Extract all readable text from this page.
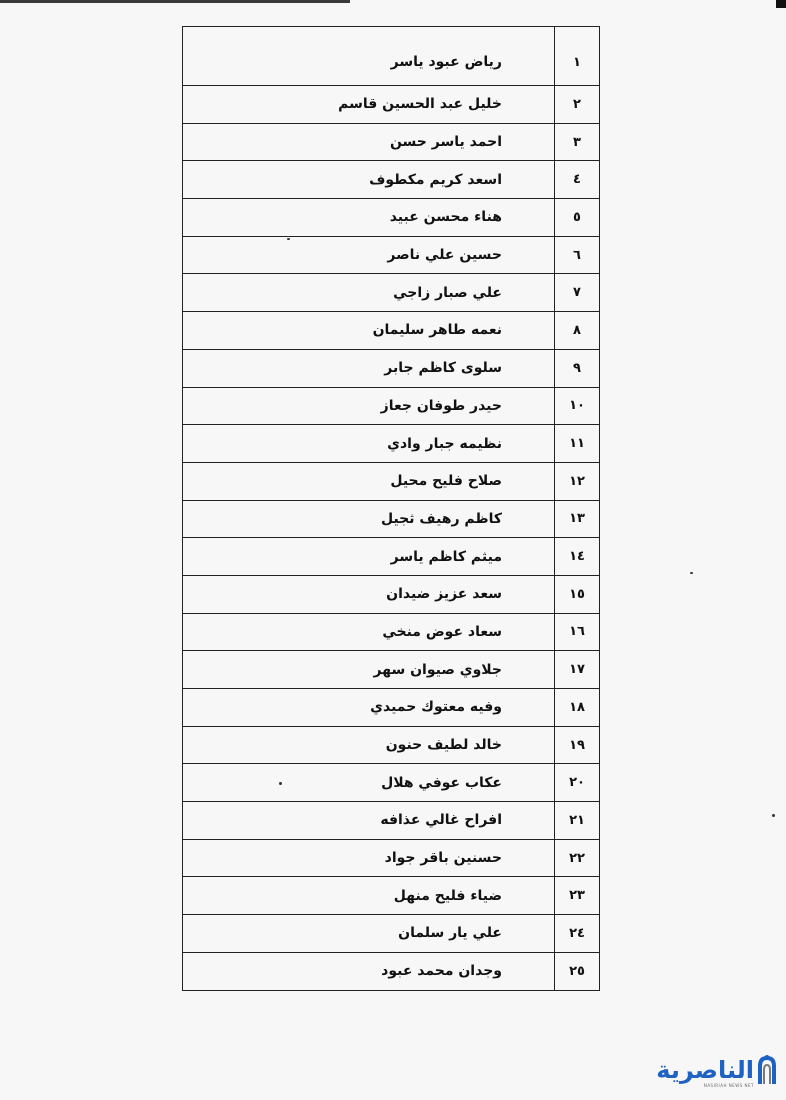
١	رياض عبود ياسر
٢	خليل عبد الحسين قاسم
٣	احمد ياسر حسن
٤	اسعد كريم مكطوف
٥	هناء محسن عبيد
٦	حسين علي ناصر
٧	علي صبار زاجي
٨	نعمه طاهر سليمان
٩	سلوى كاظم جابر
١٠	حيدر طوفان جعاز
١١	نظيمه جبار وادي
١٢	صلاح فليح محيل
١٣	كاظم رهيف ثجيل
١٤	ميثم كاظم ياسر
١٥	سعد عزيز ضيدان
١٦	سعاد عوض منخي
١٧	جلاوي صيوان سهر
١٨	وفيه معتوك حميدي
١٩	خالد لطيف حنون
٢٠	عكاب عوفي هلال
٢١	افراح غالي عذافه
٢٢	حسنين باقر جواد
٢٣	ضياء فليح منهل
٢٤	علي يار سلمان
٢٥	وجدان محمد عبود
الناصرية
NASIRIAH NEWS NET
